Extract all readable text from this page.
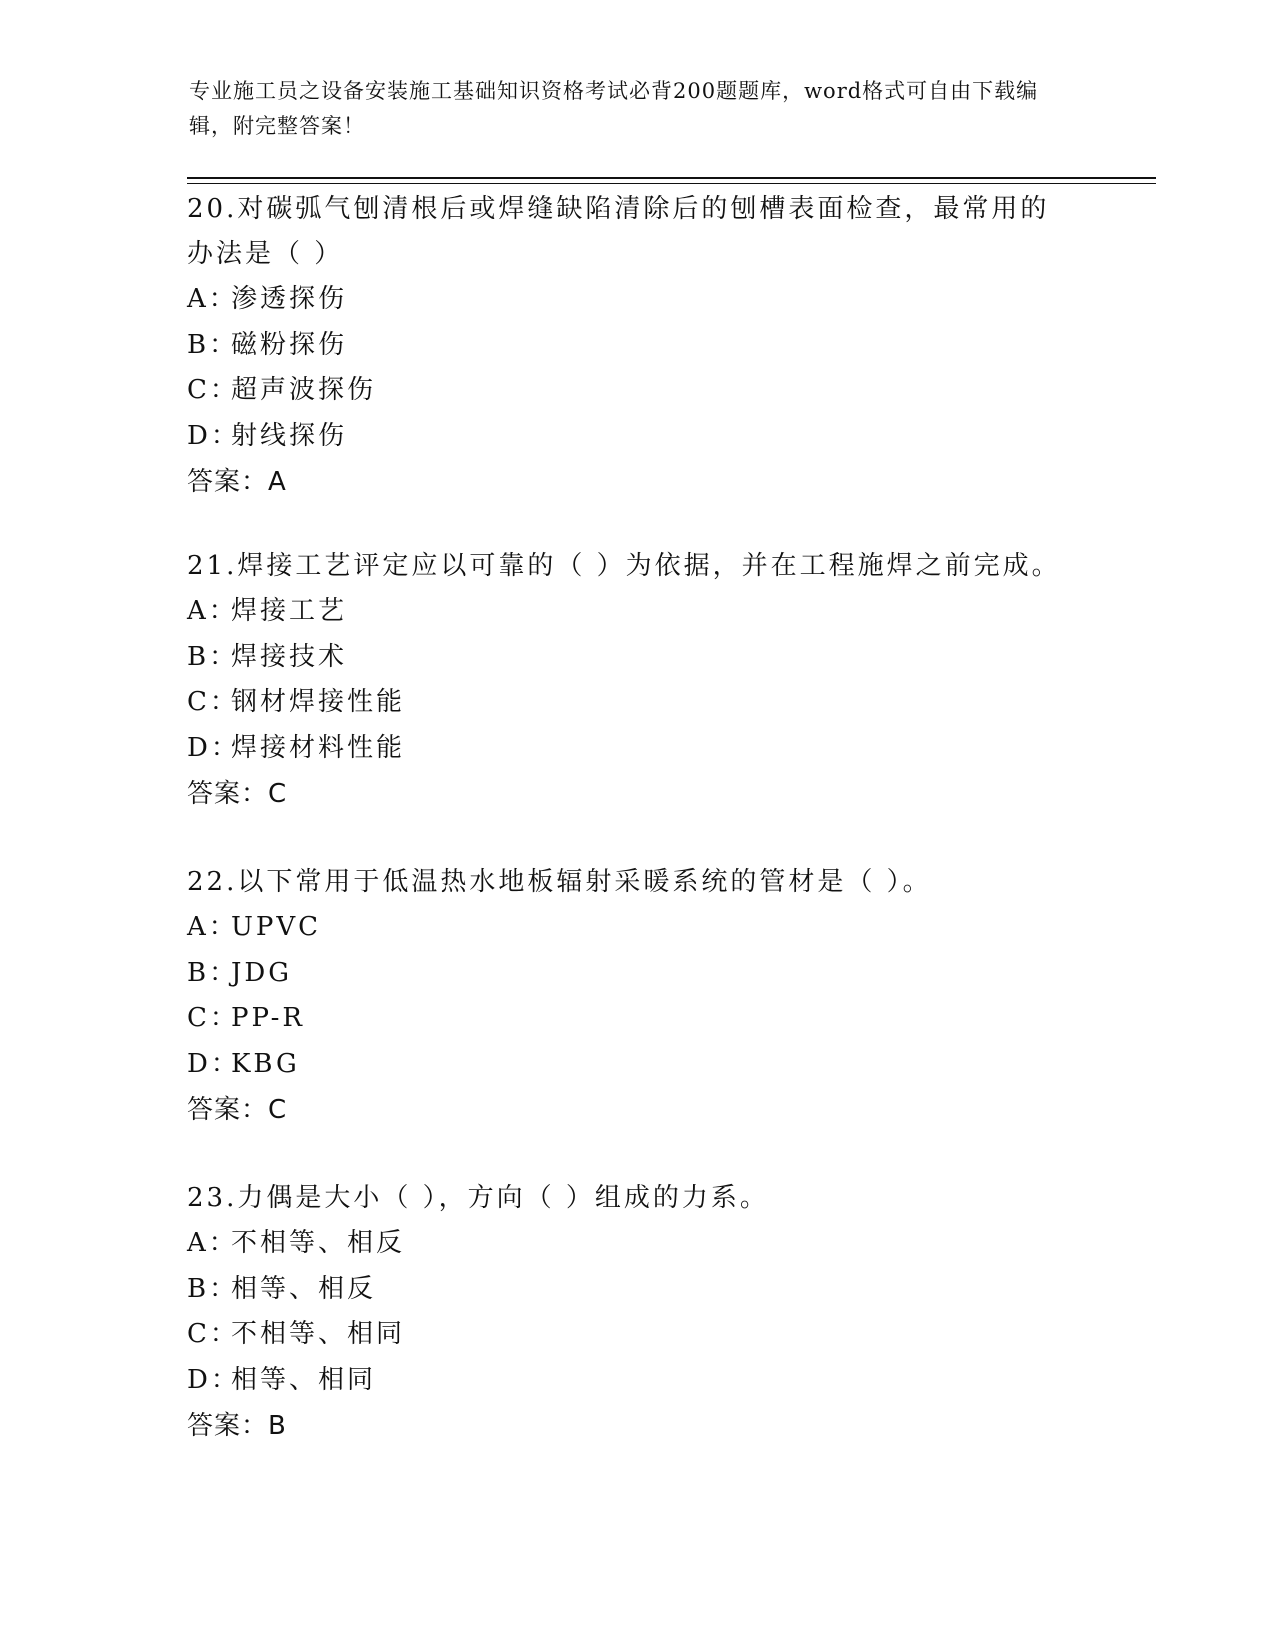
专业施工员之设备安装施工基础知识资格考试必背200题题库，word格式可自由下载编辑，附完整答案！
20.对碳弧气刨清根后或焊缝缺陷清除后的刨槽表面检查，最常用的办法是（ ）
A：
渗透探伤
B：
磁粉探伤
C：
超声波探伤
D：
射线探伤
答案：A
21.焊接工艺评定应以可靠的（ ）为依据，并在工程施焊之前完成。
A：
焊接工艺
B：
焊接技术
C：
钢材焊接性能
D：
焊接材料性能
答案：C
22.以下常用于低温热水地板辐射采暖系统的管材是（ ）。
A：
UPVC
B：
JDG
C：
PP-R
D：
KBG
答案：C
23.力偶是大小（ ），方向（ ）组成的力系。
A：
不相等、相反
B：
相等、相反
C：
不相等、相同
D：
相等、相同
答案：B
